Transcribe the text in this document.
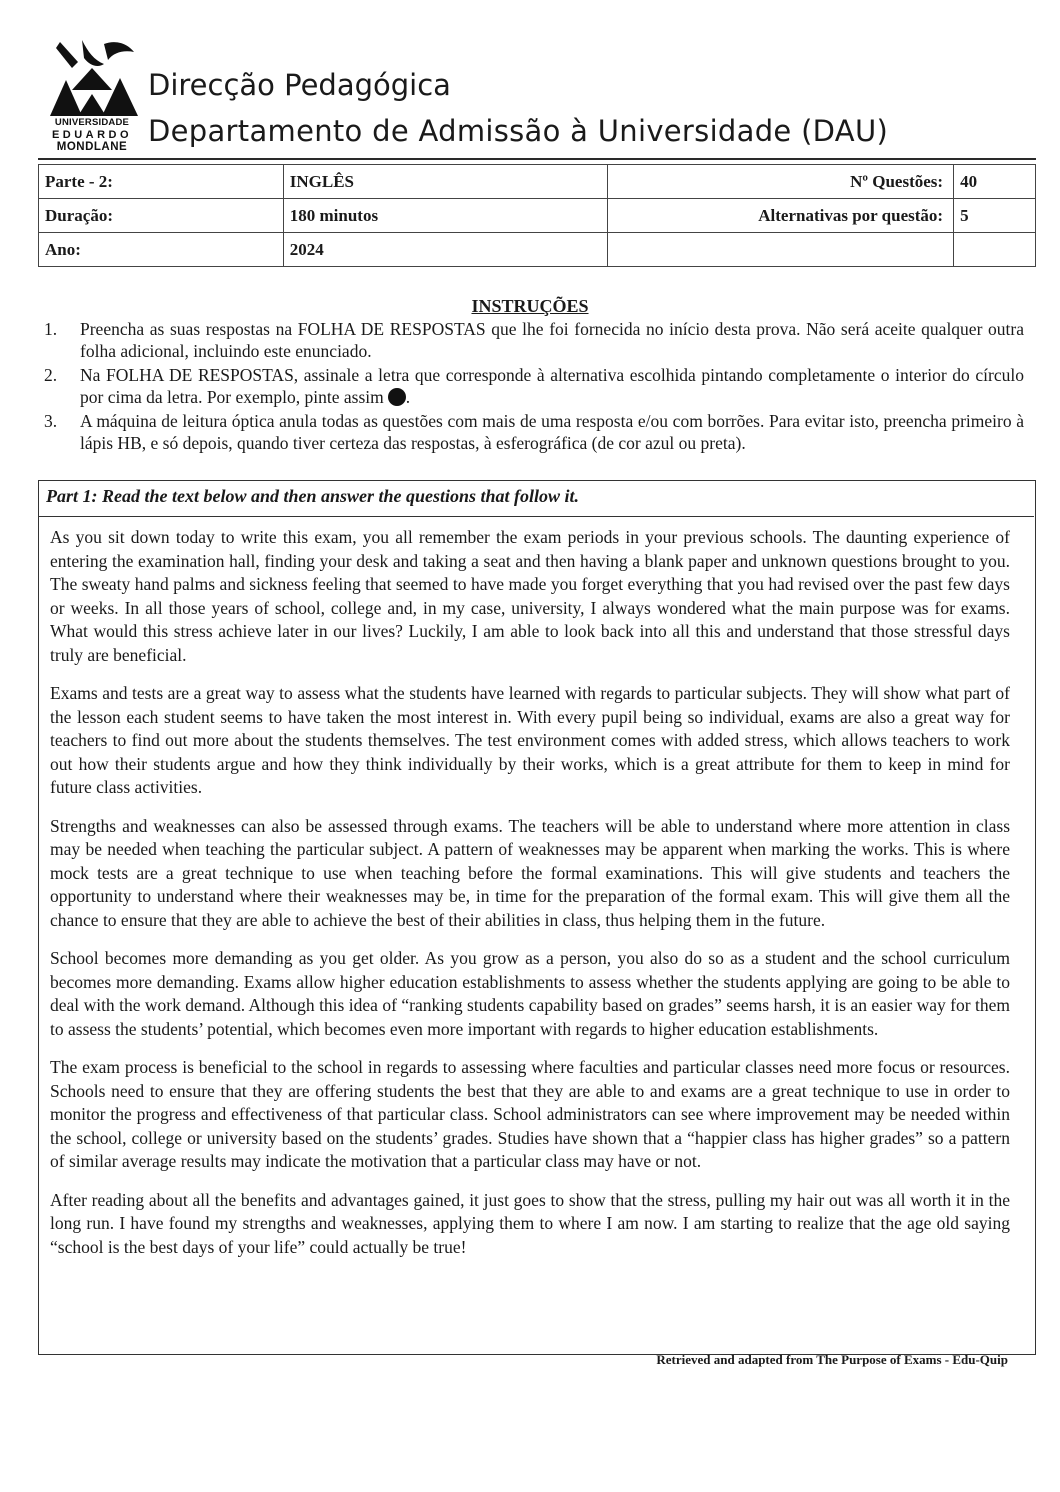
UNIVERSIDADE
EDUARDO
MONDLANE
Direcção Pedagógica
Departamento de Admissão à Universidade (DAU)
Parte - 2:	INGLÊS	Nº Questões:	40
Duração:	180 minutos	Alternativas por questão:	5
Ano:	2024		
INSTRUÇÕES
1. Preencha as suas respostas na FOLHA DE RESPOSTAS que lhe foi fornecida no início desta prova. Não será aceite qualquer outra folha adicional, incluindo este enunciado.
2. Na FOLHA DE RESPOSTAS, assinale a letra que corresponde à alternativa escolhida pintando completamente o interior do círculo por cima da letra. Por exemplo, pinte assim .
3. A máquina de leitura óptica anula todas as questões com mais de uma resposta e/ou com borrões. Para evitar isto, preencha primeiro à lápis HB, e só depois, quando tiver certeza das respostas, à esferográfica (de cor azul ou preta).
Part 1: Read the text below and then answer the questions that follow it.

As you sit down today to write this exam, you all remember the exam periods in your previous schools. The daunting experience of entering the examination hall, finding your desk and taking a seat and then having a blank paper and unknown questions brought to you. The sweaty hand palms and sickness feeling that seemed to have made you forget everything that you had revised over the past few days or weeks. In all those years of school, college and, in my case, university, I always wondered what the main purpose was for exams. What would this stress achieve later in our lives? Luckily, I am able to look back into all this and understand that those stressful days truly are beneficial.

Exams and tests are a great way to assess what the students have learned with regards to particular subjects. They will show what part of the lesson each student seems to have taken the most interest in. With every pupil being so individual, exams are also a great way for teachers to find out more about the students themselves. The test environment comes with added stress, which allows teachers to work out how their students argue and how they think individually by their works, which is a great attribute for them to keep in mind for future class activities.

Strengths and weaknesses can also be assessed through exams. The teachers will be able to understand where more attention in class may be needed when teaching the particular subject. A pattern of weaknesses may be apparent when marking the works. This is where mock tests are a great technique to use when teaching before the formal examinations. This will give students and teachers the opportunity to understand where their weaknesses may be, in time for the preparation of the formal exam. This will give them all the chance to ensure that they are able to achieve the best of their abilities in class, thus helping them in the future.

School becomes more demanding as you get older. As you grow as a person, you also do so as a student and the school curriculum becomes more demanding. Exams allow higher education establishments to assess whether the students applying are going to be able to deal with the work demand. Although this idea of “ranking students capability based on grades” seems harsh, it is an easier way for them to assess the students’ potential, which becomes even more important with regards to higher education establishments.

The exam process is beneficial to the school in regards to assessing where faculties and particular classes need more focus or resources. Schools need to ensure that they are offering students the best that they are able to and exams are a great technique to use in order to monitor the progress and effectiveness of that particular class. School administrators can see where improvement may be needed within the school, college or university based on the students’ grades. Studies have shown that a “happier class has higher grades” so a pattern of similar average results may indicate the motivation that a particular class may have or not.

After reading about all the benefits and advantages gained, it just goes to show that the stress, pulling my hair out was all worth it in the long run. I have found my strengths and weaknesses, applying them to where I am now. I am starting to realize that the age old saying “school is the best days of your life” could actually be true!

Retrieved and adapted from The Purpose of Exams - Edu-Quip
